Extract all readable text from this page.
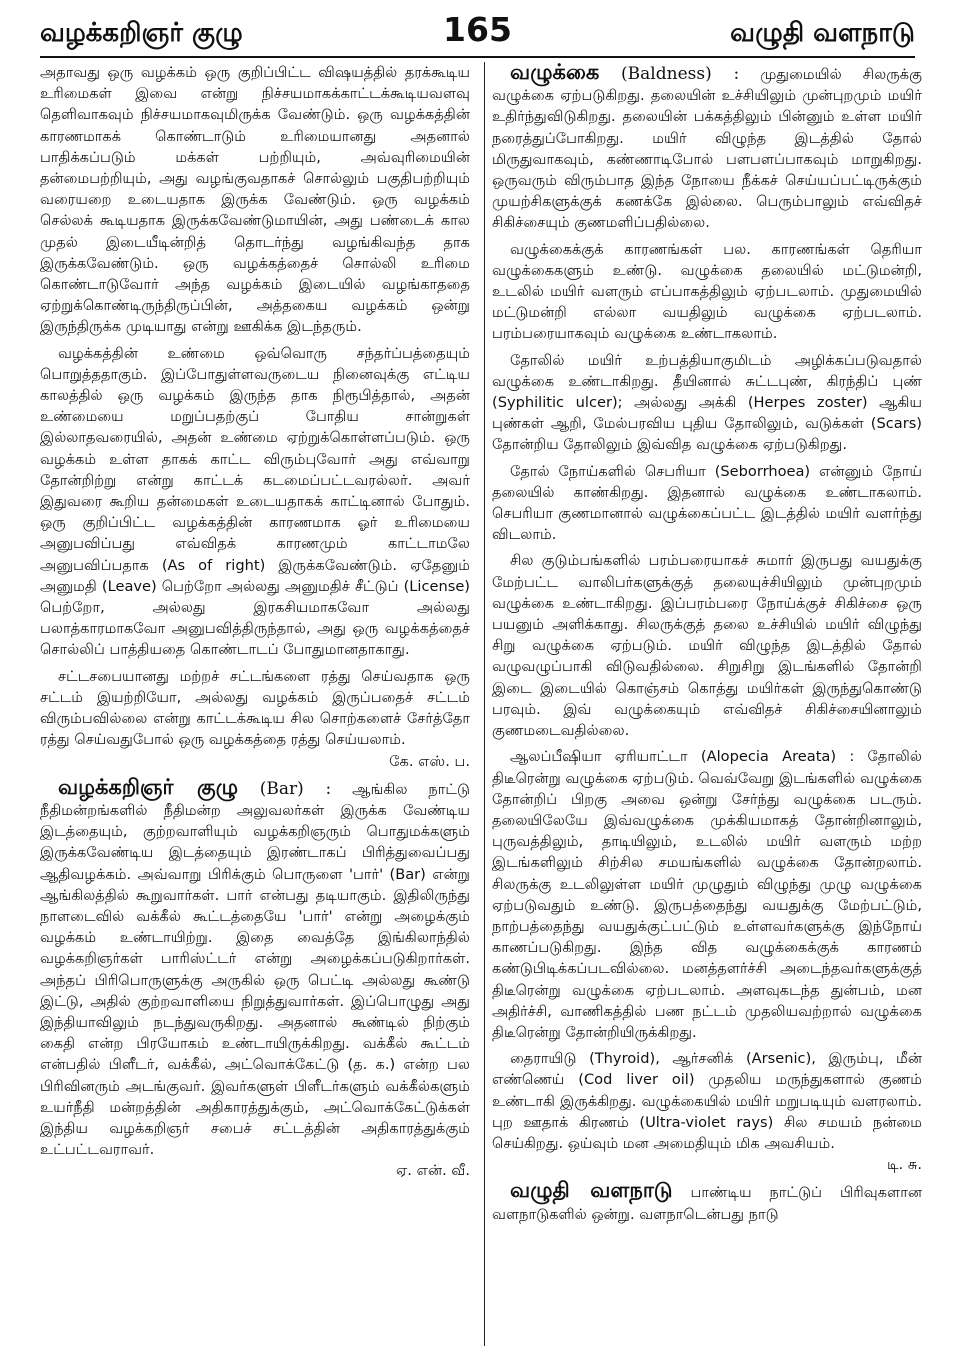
வழக்கறிஞர் குழு	165	வழுதி வளநாடு

அதாவது ஒரு வழக்கம் ஒரு குறிப்பிட்ட விஷயத்தில் தரக்கூடிய உரிமைகள் இவை என்று நிச்சயமாகக்காட்டக்கூடியவளவு தெளிவாகவும் நிச்சயமாகவுமிருக்க வேண்டும். ஒரு வழக்கத்தின் காரணமாகக் கொண்டாடும் உரிமையானது அதனால் பாதிக்கப்படும் மக்கள் பற்றியும், அவ்வுரிமையின் தன்மைபற்றியும், அது வழங்குவதாகச் சொல்லும் பகுதிபற்றியும் வரையறை உடையதாக இருக்க வேண்டும். ஒரு வழக்கம் செல்லக் கூடியதாக இருக்கவேண்டுமாயின், அது பண்டைக் கால முதல் இடையீடின்றித் தொடர்ந்து வழங்கிவந்த தாக இருக்கவேண்டும். ஒரு வழக்கத்தைச் சொல்லி உரிமை கொண்டாடுவோர் அந்த வழக்கம் இடையில் வழங்காததை ஏற்றுக்கொண்டிருந்திருப்பின், அத்தகைய வழக்கம் ஒன்று இருந்திருக்க முடியாது என்று ஊகிக்க இடந்தரும்.

வழக்கத்தின் உண்மை ஒவ்வொரு சந்தர்ப்பத்தையும் பொறுத்ததாகும். இப்போதுள்ளவருடைய நினைவுக்கு எட்டிய காலத்தில் ஒரு வழக்கம் இருந்த தாக நிரூபித்தால், அதன் உண்மையை மறுப்பதற்குப் போதிய சான்றுகள் இல்லாதவரையில், அதன் உண்மை ஏற்றுக்கொள்ளப்படும். ஒரு வழக்கம் உள்ள தாகக் காட்ட விரும்புவோர் அது எவ்வாறு தோன்றிற்று என்று காட்டக் கடமைப்பட்டவரல்லர். அவர் இதுவரை கூறிய தன்மைகள் உடையதாகக் காட்டினால் போதும். ஒரு குறிப்பிட்ட வழக்கத்தின் காரணமாக ஓர் உரிமையை அனுபவிப்பது எவ்விதக் காரணமும் காட்டாமலே அனுபவிப்பதாக (As of right) இருக்கவேண்டும். ஏதேனும் அனுமதி (Leave) பெற்றோ அல்லது அனுமதிச் சீட்டுப் (License) பெற்றோ, அல்லது இரகசியமாகவோ அல்லது பலாத்காரமாகவோ அனுபவித்திருந்தால், அது ஒரு வழக்கத்தைச் சொல்லிப் பாத்தியதை கொண்டாடப் போதுமானதாகாது.

சட்டசபையானது மற்றச் சட்டங்களை ரத்து செய்வதாக ஒரு சட்டம் இயற்றியோ, அல்லது வழக்கம் இருப்பதைச் சட்டம் விரும்பவில்லை என்று காட்டக்கூடிய சில சொற்களைச் சேர்த்தோ ரத்து செய்வதுபோல் ஒரு வழக்கத்தை ரத்து செய்யலாம்.
கே. எஸ். ப.

வழக்கறிஞர் குழு (Bar) : ஆங்கில நாட்டு நீதிமன்றங்களில் நீதிமன்ற அலுவலர்கள் இருக்க வேண்டிய இடத்தையும், குற்றவாளியும் வழக்கறிஞரும் பொதுமக்களும் இருக்கவேண்டிய இடத்தையும் இரண்டாகப் பிரித்துவைப்பது ஆதிவழக்கம். அவ்வாறு பிரிக்கும் பொருளை 'பார்' (Bar) என்று ஆங்கிலத்தில் கூறுவார்கள். பார் என்பது தடியாகும். இதிலிருந்து நாளடைவில் வக்கீல் கூட்டத்தையே 'பார்' என்று அழைக்கும் வழக்கம் உண்டாயிற்று. இதை வைத்தே இங்கிலாந்தில் வழக்கறிஞர்கள் பாரிஸ்ட்டர் என்று அழைக்கப்படுகிறார்கள். அந்தப் பிரிபொருளுக்கு அருகில் ஒரு பெட்டி அல்லது கூண்டு இட்டு, அதில் குற்றவாளியை நிறுத்துவார்கள். இப்பொழுது அது இந்தியாவிலும் நடந்துவருகிறது. அதனால் கூண்டில் நிற்கும் கைதி என்ற பிரயோகம் உண்டாயிருக்கிறது. வக்கீல் கூட்டம் என்பதில் பிளீடர், வக்கீல், அட்வொக்கேட்டு (த. க.) என்ற பல பிரிவினரும் அடங்குவர். இவர்களுள் பிளீடர்களும் வக்கீல்களும் உயர்நீதி மன்றத்தின் அதிகாரத்துக்கும், அட்வொக்கேட்டுக்கள் இந்திய வழக்கறிஞர் சபைச் சட்டத்தின் அதிகாரத்துக்கும் உட்பட்டவராவர்.
ஏ. என். வீ.

வழுக்கை (Baldness) : முதுமையில் சிலருக்கு வழுக்கை ஏற்படுகிறது. தலையின் உச்சியிலும் முன்புறமும் மயிர் உதிர்ந்துவிடுகிறது. தலையின் பக்கத்திலும் பின்னும் உள்ள மயிர் நரைத்துப்போகிறது. மயிர் விழுந்த இடத்தில் தோல் மிருதுவாகவும், கண்ணாடிபோல் பளபளப்பாகவும் மாறுகிறது. ஒருவரும் விரும்பாத இந்த நோயை நீக்கச் செய்யப்பட்டிருக்கும் முயற்சிகளுக்குக் கணக்கே இல்லை. பெரும்பாலும் எவ்விதச் சிகிச்சையும் குணமளிப்பதில்லை.

வழுக்கைக்குக் காரணங்கள் பல. காரணங்கள் தெரியா வழுக்கைகளும் உண்டு. வழுக்கை தலையில் மட்டுமன்றி, உடலில் மயிர் வளரும் எப்பாகத்திலும் ஏற்படலாம். முதுமையில் மட்டுமன்றி எல்லா வயதிலும் வழுக்கை ஏற்படலாம். பரம்பரையாகவும் வழுக்கை உண்டாகலாம்.

தோலில் மயிர் உற்பத்தியாகுமிடம் அழிக்கப்படுவதால் வழுக்கை உண்டாகிறது. தீயினால் சுட்டபுண், கிரந்திப் புண் (Syphilitic ulcer); அல்லது அக்கி (Herpes zoster) ஆகிய புண்கள் ஆறி, மேல்பரவிய புதிய தோலிலும், வடுக்கள் (Scars) தோன்றிய தோலிலும் இவ்வித வழுக்கை ஏற்படுகிறது.

தோல் நோய்களில் செபரியா (Seborrhoea) என்னும் நோய் தலையில் காண்கிறது. இதனால் வழுக்கை உண்டாகலாம். செபரியா குணமானால் வழுக்கைப்பட்ட இடத்தில் மயிர் வளர்ந்து விடலாம்.

சில குடும்பங்களில் பரம்பரையாகச் சுமார் இருபது வயதுக்கு மேற்பட்ட வாலிபர்களுக்குத் தலையுச்சியிலும் முன்புறமும் வழுக்கை உண்டாகிறது. இப்பரம்பரை நோய்க்குச் சிகிச்சை ஒரு பயனும் அளிக்காது. சிலருக்குத் தலை உச்சியில் மயிர் விழுந்து சிறு வழுக்கை ஏற்படும். மயிர் விழுந்த இடத்தில் தோல் வழுவழுப்பாகி விடுவதில்லை. சிறுசிறு இடங்களில் தோன்றி இடை இடையில் கொஞ்சம் கொத்து மயிர்கள் இருந்துகொண்டு பரவும். இவ் வழுக்கையும் எவ்விதச் சிகிச்சையினாலும் குணமடைவதில்லை.

ஆலப்பீஷியா ஏரியாட்டா (Alopecia Areata) : தோலில் திடீரென்று வழுக்கை ஏற்படும். வெவ்வேறு இடங்களில் வழுக்கை தோன்றிப் பிறகு அவை ஒன்று சேர்ந்து வழுக்கை படரும். தலையிலேயே இவ்வழுக்கை முக்கியமாகத் தோன்றினாலும், புருவத்திலும், தாடியிலும், உடலில் மயிர் வளரும் மற்ற இடங்களிலும் சிற்சில சமயங்களில் வழுக்கை தோன்றலாம். சிலருக்கு உடலிலுள்ள மயிர் முழுதும் விழுந்து முழு வழுக்கை ஏற்படுவதும் உண்டு. இருபத்தைந்து வயதுக்கு மேற்பட்டும், நாற்பத்தைந்து வயதுக்குட்பட்டும் உள்ளவர்களுக்கு இந்நோய் காணப்படுகிறது. இந்த வித வழுக்கைக்குக் காரணம் கண்டுபிடிக்கப்படவில்லை. மனத்தளர்ச்சி அடைந்தவர்களுக்குத் திடீரென்று வழுக்கை ஏற்படலாம். அளவுகடந்த துன்பம், மன அதிர்ச்சி, வாணிகத்தில் பண நட்டம் முதலியவற்றால் வழுக்கை திடீரென்று தோன்றியிருக்கிறது.

தைராயிடு (Thyroid), ஆர்சனிக் (Arsenic), இரும்பு, மீன் எண்ணெய் (Cod liver oil) முதலிய மருந்துகளால் குணம் உண்டாகி இருக்கிறது. வழுக்கையில் மயிர் மறுபடியும் வளரலாம். புற ஊதாக் கிரணம் (Ultra-violet rays) சில சமயம் நன்மை செய்கிறது. ஒய்வும் மன அமைதியும் மிக அவசியம்.
டி. சு.

வழுதி வளநாடு பாண்டிய நாட்டுப் பிரிவுகளான வளநாடுகளில் ஒன்று. வளநாடென்பது நாடு
